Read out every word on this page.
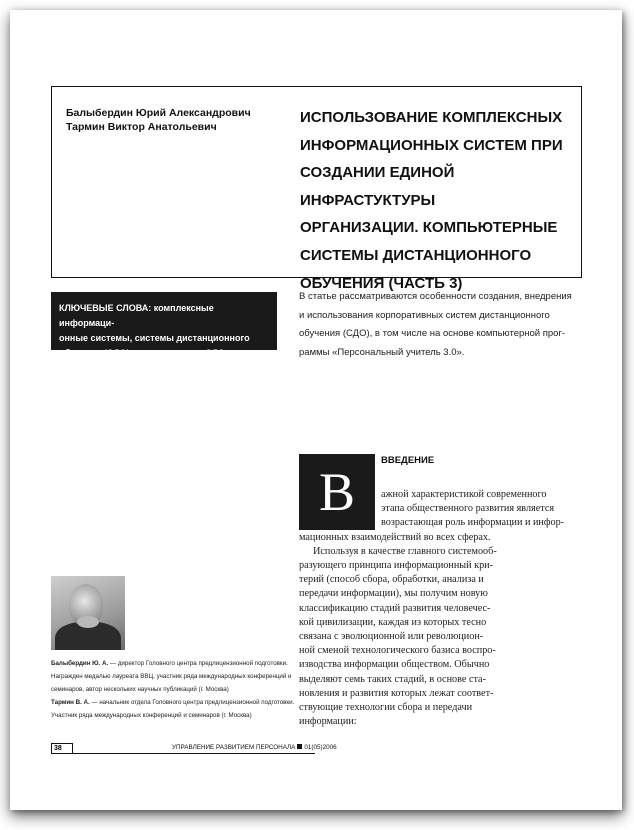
Балыбердин Юрий Александрович
Тармин Виктор Анатольевич
ИСПОЛЬЗОВАНИЕ КОМПЛЕКСНЫХ
ИНФОРМАЦИОННЫХ СИСТЕМ ПРИ
СОЗДАНИИ ЕДИНОЙ ИНФРАСТУКТУРЫ
ОРГАНИЗАЦИИ. КОМПЬЮТЕРНЫЕ
СИСТЕМЫ ДИСТАНЦИОННОГО
ОБУЧЕНИЯ (ЧАСТЬ 3)
КЛЮЧЕВЫЕ СЛОВА: комплексные информаци-
онные системы, системы дистанционного
обучения (СДО), компьютерные СДО
В статье рассматриваются особенности создания, внедрения
и использования корпоративных систем дистанционного
обучения (СДО), в том числе на основе компьютерной прог-
раммы «Персональный учитель 3.0».
В
ВВЕДЕНИЕ
ажной характеристикой современного
этапа общественного развития является
возрастающая роль информации и инфор-
мационных взаимодействий во всех сферах.
Используя в качестве главного системооб-
разующего принципа информационный кри-
терий (способ сбора, обработки, анализа и
передачи информации), мы получим новую
классификацию стадий развития человечес-
кой цивилизации, каждая из которых тесно
связана с эволюционной или революцион-
ной сменой технологического базиса воспро-
изводства информации обществом. Обычно
выделяют семь таких стадий, в основе ста-
новления и развития которых лежат соответ-
ствующие технологии сбора и передачи
информации:
Балыбердин Ю. А. — директор Головного центра предлицензионной подготовки.
Награжден медалью лауреата ВВЦ, участник ряда международных конференций и
семинаров, автор нескольких научных публикаций (г. Москва)
Тармин В. А. — начальник отдела Головного центра предлицензионной подготовки.
Участник ряда международных конференций и семинаров (г. Москва)
38	УПРАВЛЕНИЕ РАЗВИТИЕМ ПЕРСОНАЛА 01(05)2006
